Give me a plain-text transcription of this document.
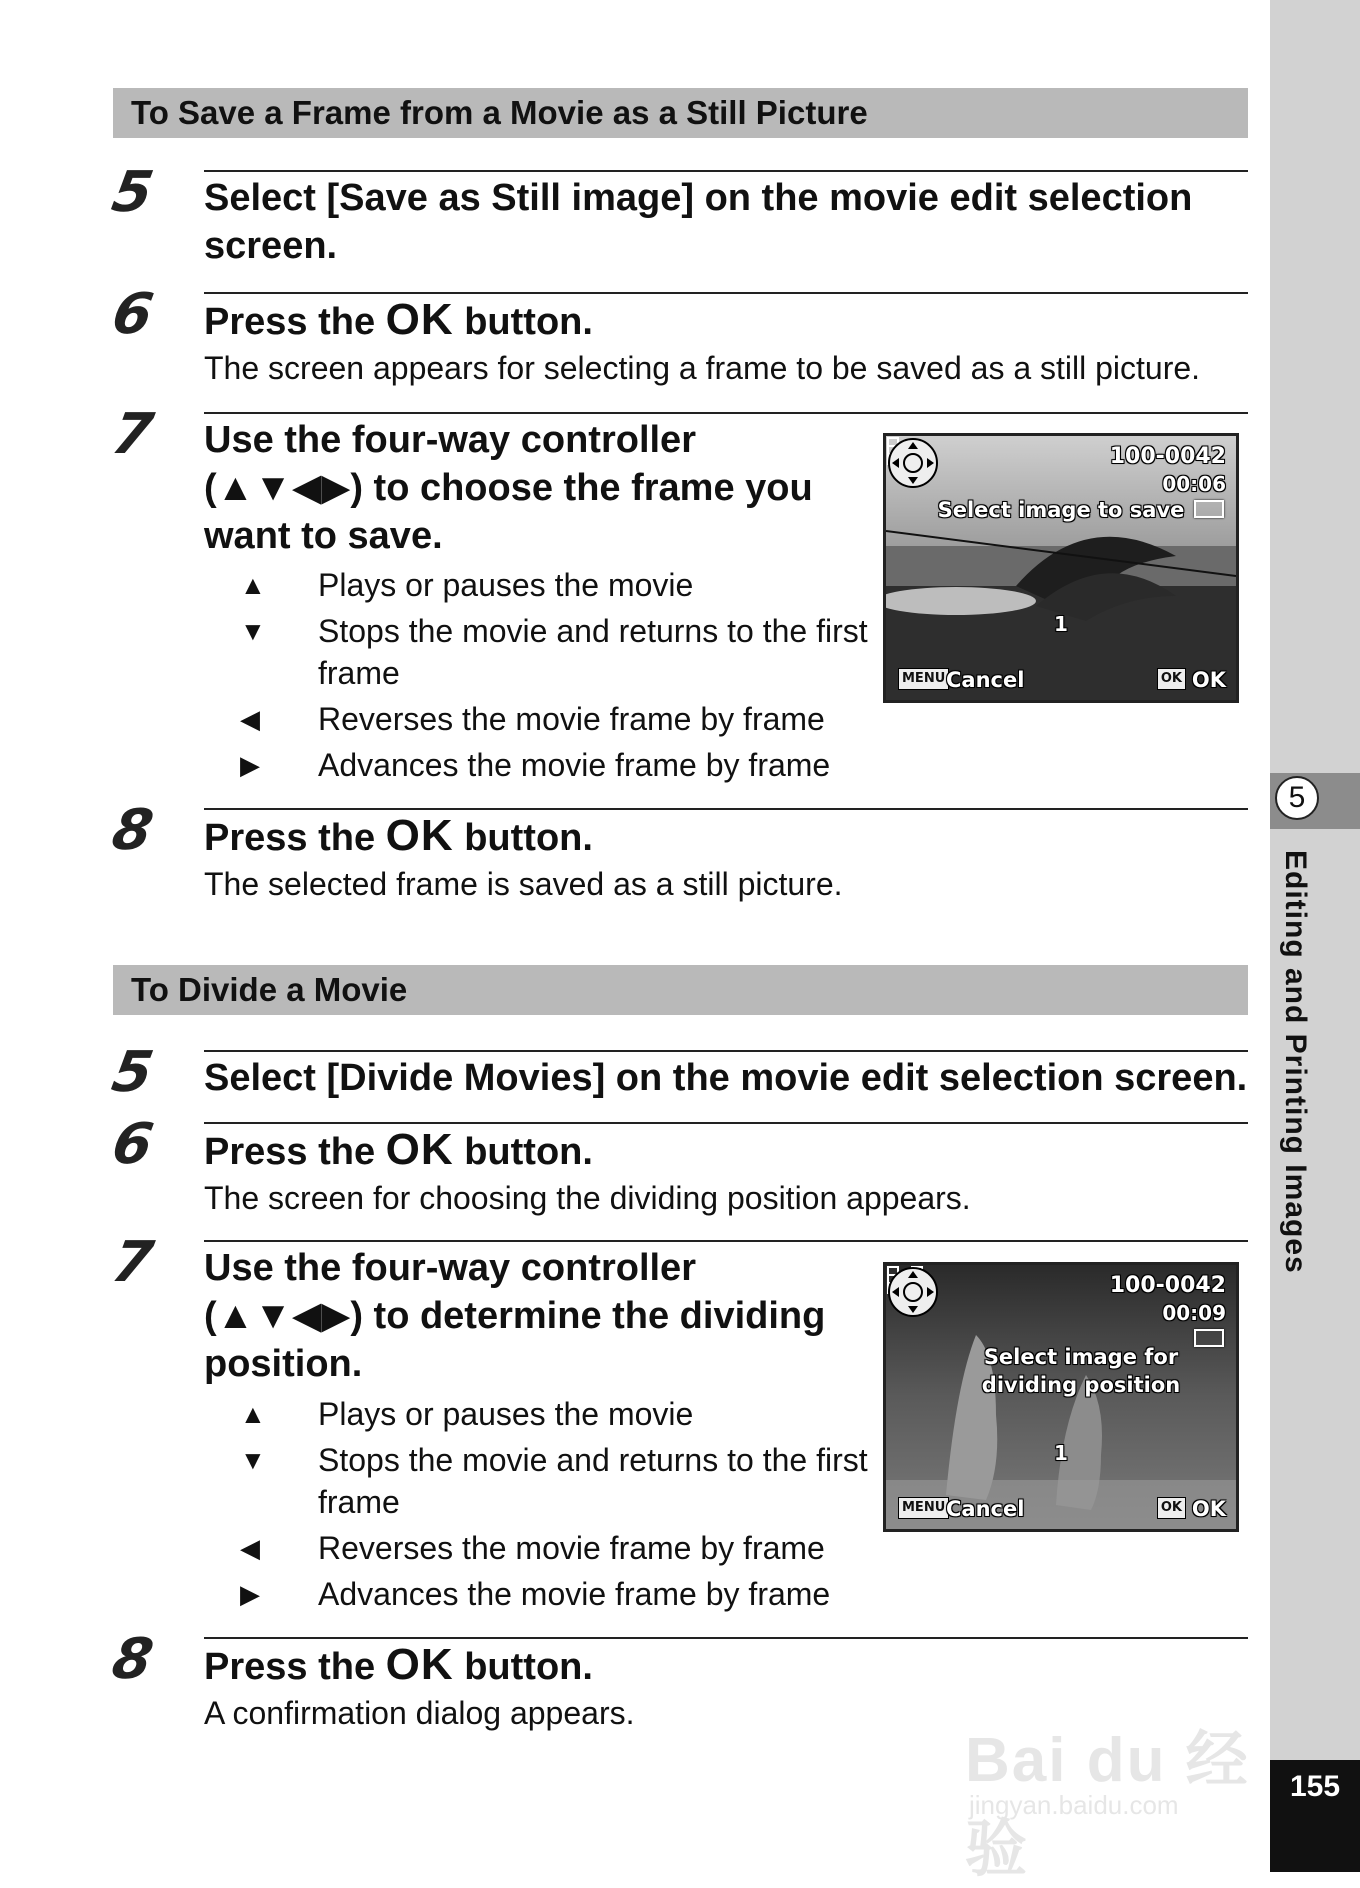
To Save a Frame from a Movie as a Still Picture
5 Select [Save as Still image] on the movie edit selection screen.
6 Press the OK button.
The screen appears for selecting a frame to be saved as a still picture.
7 Use the four-way controller (▲▼◀▶) to choose the frame you want to save.
▲	Plays or pauses the movie
▼	Stops the movie and returns to the first frame
◀	Reverses the movie frame by frame
▶	Advances the movie frame by frame
100-0042
00:06
Select image to save
1
MENU Cancel	OK OK
8 Press the OK button.
The selected frame is saved as a still picture.
To Divide a Movie
5 Select [Divide Movies] on the movie edit selection screen.
6 Press the OK button.
The screen for choosing the dividing position appears.
7 Use the four-way controller (▲▼◀▶) to determine the dividing position.
▲	Plays or pauses the movie
▼	Stops the movie and returns to the first frame
◀	Reverses the movie frame by frame
▶	Advances the movie frame by frame
100-0042
00:09
Select image for
dividing position
1
MENU Cancel	OK OK
8 Press the OK button.
A confirmation dialog appears.
5
Editing and Printing Images
155
Bai du 经验
jingyan.baidu.com
